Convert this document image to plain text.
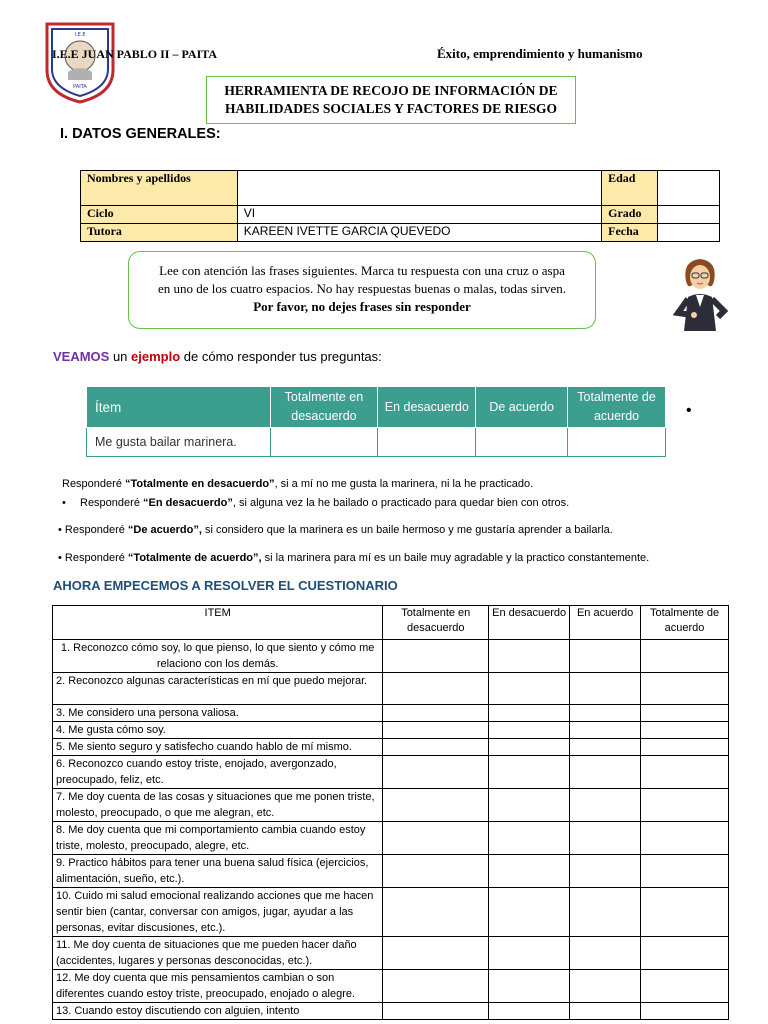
I.E.E
PAITA
I.E.E JUAN PABLO II – PAITA	Éxito, emprendimiento y humanismo
HERRAMIENTA DE RECOJO DE INFORMACIÓN DE
HABILIDADES SOCIALES Y FACTORES DE RIESGO
I. DATOS GENERALES:
Nombres y apellidos		Edad	
Ciclo	VI	Grado	
Tutora	KAREEN IVETTE GARCIA QUEVEDO	Fecha	
Lee con atención las frases siguientes. Marca tu respuesta con una cruz o aspa
en uno de los cuatro espacios. No hay respuestas buenas o malas, todas sirven.
Por favor, no dejes frases sin responder
VEAMOS un ejemplo de cómo responder tus preguntas:
Ítem	Totalmente en desacuerdo	En desacuerdo	De acuerdo	Totalmente de acuerdo
Me gusta bailar marinera.				
•
Responderé “Totalmente en desacuerdo”, si a mí no me gusta la marinera, ni la he practicado.
• Responderé “En desacuerdo”, si alguna vez la he bailado o practicado para quedar bien con otros.
• Responderé “De acuerdo”, si considero que la marinera es un baile hermoso y me gustaría aprender a bailarla.
• Responderé “Totalmente de acuerdo”, si la marinera para mí es un baile muy agradable y la practico constantemente.
AHORA EMPECEMOS A RESOLVER EL CUESTIONARIO
ITEM	Totalmente en desacuerdo	En desacuerdo	En acuerdo	Totalmente de acuerdo
1. Reconozco cómo soy, lo que pienso, lo que siento y cómo me relaciono con los demás.				
2. Reconozco algunas características en mí que puedo mejorar.				
3. Me considero una persona valiosa.				
4. Me gusta cómo soy.				
5. Me siento seguro y satisfecho cuando hablo de mí mismo.				
6. Reconozco cuando estoy triste, enojado, avergonzado, preocupado, feliz, etc.				
7. Me doy cuenta de las cosas y situaciones que me ponen triste, molesto, preocupado, o que me alegran, etc.				
8. Me doy cuenta que mi comportamiento cambia cuando estoy triste, molesto, preocupado, alegre, etc.				
9. Practico hábitos para tener una buena salud física (ejercicios, alimentación, sueño, etc.).				
10. Cuido mi salud emocional realizando acciones que me hacen sentir bien (cantar, conversar con amigos, jugar, ayudar a las personas, evitar discusiones, etc.).				
11. Me doy cuenta de situaciones que me pueden hacer daño (accidentes, lugares y personas desconocidas, etc.).				
12. Me doy cuenta que mis pensamientos cambian o son diferentes cuando estoy triste, preocupado, enojado o alegre.				
13. Cuando estoy discutiendo con alguien, intento				
